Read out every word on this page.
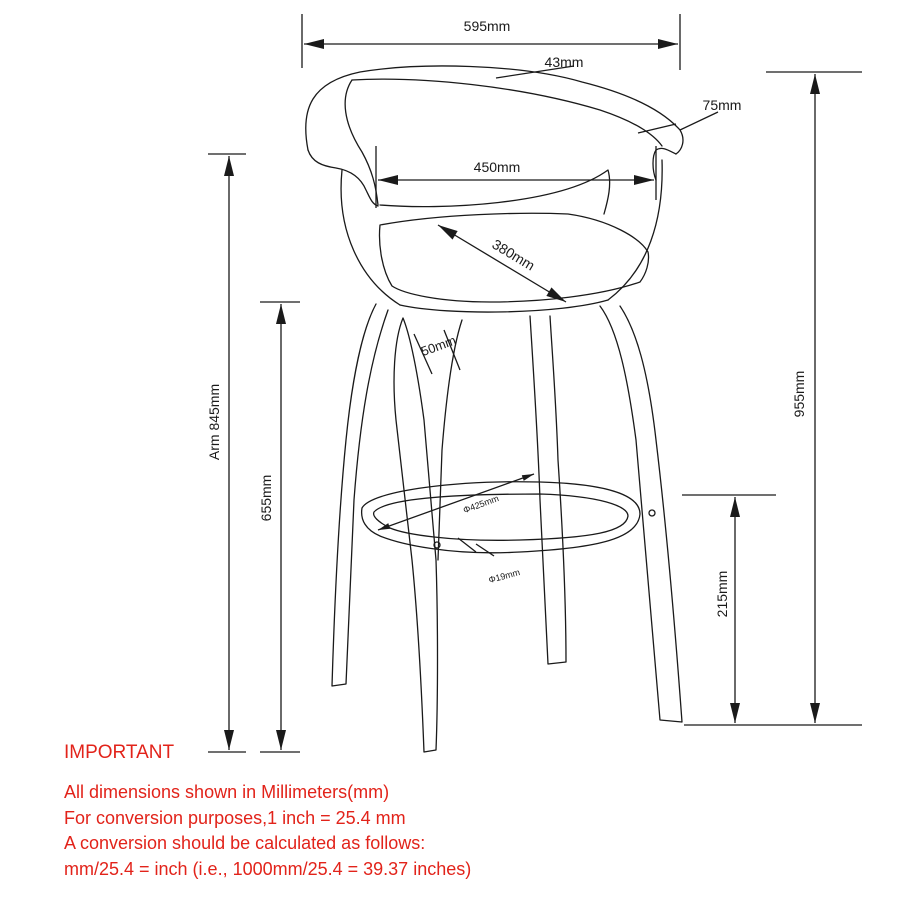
595mm
43mm
75mm
450mm
380mm
50mm
Φ425mm
Φ19mm
Arm 845mm
655mm
955mm
215mm
IMPORTANT
All dimensions shown in Millimeters(mm)
For conversion purposes,1 inch = 25.4 mm
A conversion should be calculated as follows:
mm/25.4 = inch (i.e., 1000mm/25.4 = 39.37 inches)
